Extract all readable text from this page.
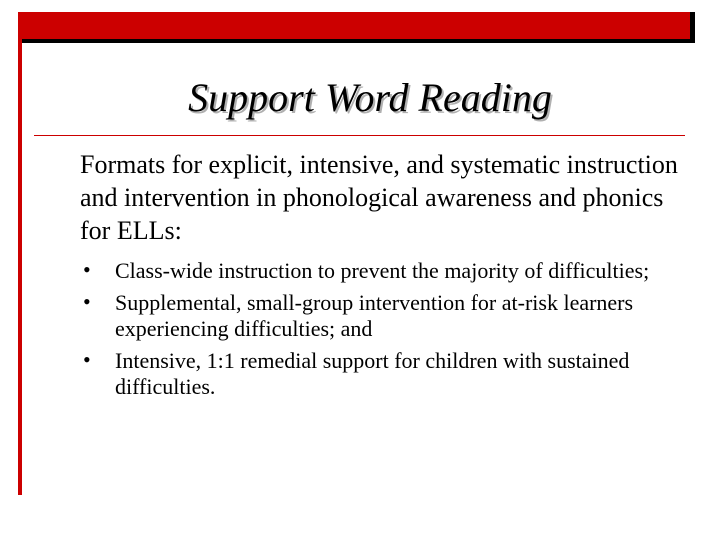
Support Word Reading
Formats for explicit, intensive, and systematic instruction and intervention in phonological awareness and phonics for ELLs:
• Class-wide instruction to prevent the majority of difficulties;
• Supplemental, small-group intervention for at-risk learners experiencing difficulties; and
• Intensive, 1:1 remedial support for children with sustained difficulties.
